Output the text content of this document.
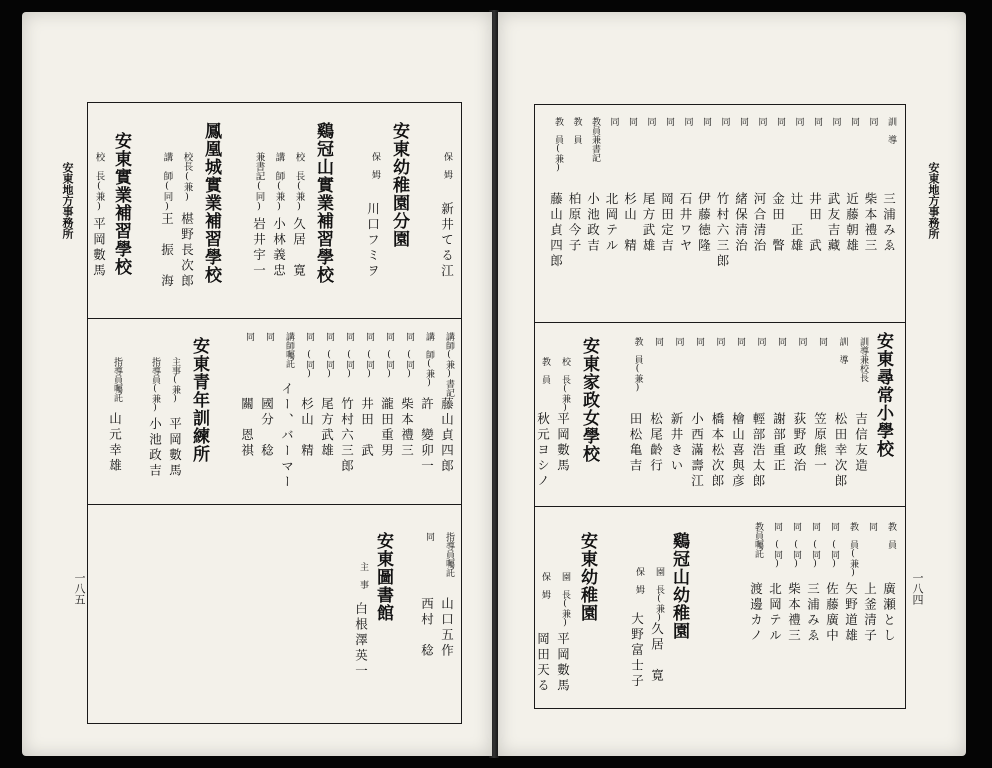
安東地方事務所
一八五
保　姆
新井てる江
安東幼稚園分園
保　姆
川口フミヲ
鷄冠山實業補習學校
校　長(兼)
久居　寛
講　師(兼)
小林義忠
兼書記(同)
岩井宇一
鳳凰城實業補習學校
校長(兼)
椹野長次郎
講　師(同)
王　振　海
安東實業補習學校
校　長(兼)
平岡數馬
講師(兼)書記
藤山貞四郎
講　師(兼)
許　變卯一
同　(同)
柴本禮三
同　(同)
瀧田重男
同　(同)
井田　武
同　(同)
竹村六三郎
同　(同)
尾方武雄
同　(同)
杉山　精
講師囑託
イー、バーマー
同
國分　稔
同
關　恩祺
安東青年訓練所
主事(兼)
平岡數馬
指導員(兼)
小池政吉
指導員囑託
山元幸雄
指導員囑託
山口五作
同
西村　稔
安東圖書館
主　事
白根澤英一
安東地方事務所
一八四
訓　導
三浦みゑ
同
柴本禮三
同
近藤朝雄
同
武友吉藏
同
井田　武
同
辻　正雄
同
金田　瞥
同
河合清治
同
緒保清治
同
竹村六三郎
同
伊藤徳隆
同
石井ワヤ
同
岡田定吉
同
尾方武雄
同
杉山　精
同
北岡テル
教員兼書記
小池政吉
教　員
柏原今子
教　員(兼)
藤山貞四郎
安東尋常小學校
訓導兼校長
吉信友造
訓　導
松田幸次郎
同
笠原熊一
同
荻野政治
同
謝部重正
同
輕部浩太郎
同
檜山喜與彦
同
橋本松次郎
同
小西滿壽江
同
新井きい
同
松尾齡行
教　員(兼)
田松亀吉
安東家政女學校
校　長(兼)
平岡數馬
教　員
秋元ヨシノ
教　員
廣瀬とし
同
上釜清子
教　員(兼)
矢野道雄
同　(同)
佐藤廣中
同　(同)
三浦みゑ
同　(同)
柴本禮三
同　(同)
北岡テル
教員囑託
渡邊カノ
鷄冠山幼稚園
園　長(兼)
久居　寛
保　姆
大野富士子
安東幼稚園
園　長(兼)
平岡數馬
保　姆
岡田天る
